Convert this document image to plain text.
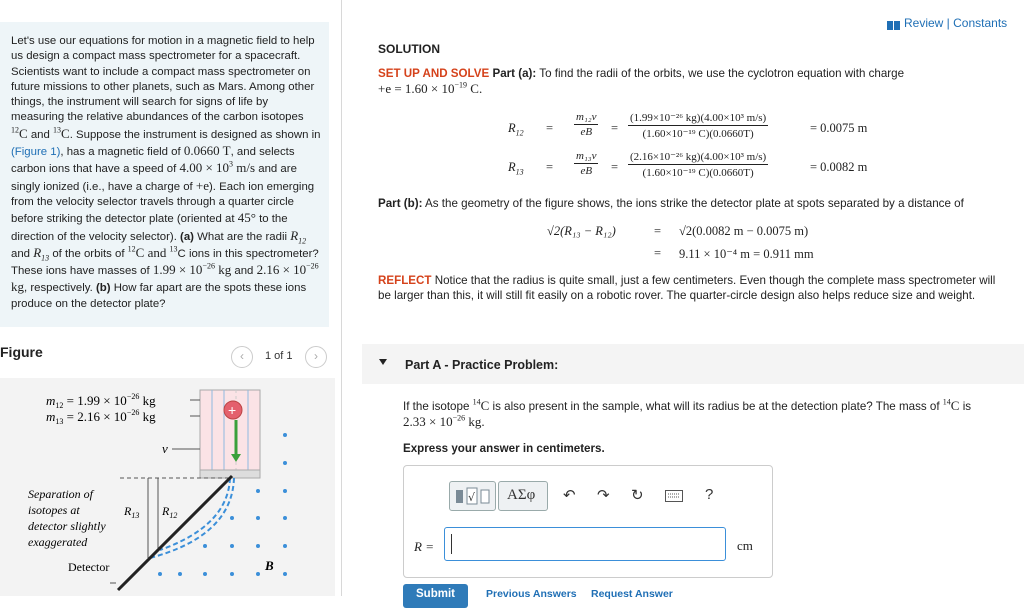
Let's use our equations for motion in a magnetic field to help us design a compact mass spectrometer for a spacecraft. Scientists want to include a compact mass spectrometer on future missions to other planets, such as Mars. Among other things, the instrument will search for signs of life by measuring the relative abundances of the carbon isotopes $^{12}$C and $^{13}$C. Suppose the instrument is designed as shown in (Figure 1), has a magnetic field of 0.0660 T, and selects carbon ions that have a speed of $4.00 \times 10^3$ m/s and are singly ionized (i.e., have a charge of +e). Each ion emerging from the velocity selector travels through a quarter circle before striking the detector plate (oriented at 45° to the direction of the velocity selector). (a) What are the radii $R_{12}$ and $R_{13}$ of the orbits of $^{12}$C and $^{13}$C ions in this spectrometer? These ions have masses of $1.99 \times 10^{-26}$ kg and $2.16 \times 10^{-26}$ kg, respectively. (b) How far apart are the spots these ions produce on the detector plate?
Figure	‹	1 of 1	›
+
$m_{12} = 1.99 \times 10^{-26}$ kg
$m_{13} = 2.16 \times 10^{-26}$ kg
v
Separation of
isotopes at
detector slightly
exaggerated
$R_{13}$ $R_{12}$
Detector	B
Review | Constants
SOLUTION
SET UP AND SOLVE Part (a): To find the radii of the orbits, we use the cyclotron equation with charge
$+e = 1.60 \times 10^{-19}$ C.
$R_{12} = \frac{\text{m₁₂v}}{eB} = \frac{\text{(1.99×10⁻²⁶ kg)(4.00×10³ m/s)}}{\text{(1.60×10⁻¹⁹ C)(0.0660T)}}$	= 0.0075 m
$R_{13} = \frac{\text{m₁₃v}}{eB} = \frac{\text{(2.16×10⁻²⁶ kg)(4.00×10³ m/s)}}{\text{(1.60×10⁻¹⁹ C)(0.0660T)}}$	= 0.0082 m
Part (b): As the geometry of the figure shows, the ions strike the detector plate at spots separated by a distance of
√2(R₁₃ − R₁₂)	= √2(0.0082 m − 0.0075 m)
= 9.11 × 10⁻⁴ m = 0.911 mm
REFLECT Notice that the radius is quite small, just a few centimeters. Even though the complete mass spectrometer will be larger than this, it will still fit easily on a robotic rover. The quarter-circle design also helps reduce size and weight.
Part A - Practice Problem:
If the isotope $^{14}$C is also present in the sample, what will its radius be at the detection plate? The mass of $^{14}$C is
$2.33 \times 10^{-26}$ kg.
Express your answer in centimeters.
√ ΑΣφ ↶ ↷ ↻	?
R =	cm
Submit	Previous Answers Request Answer
